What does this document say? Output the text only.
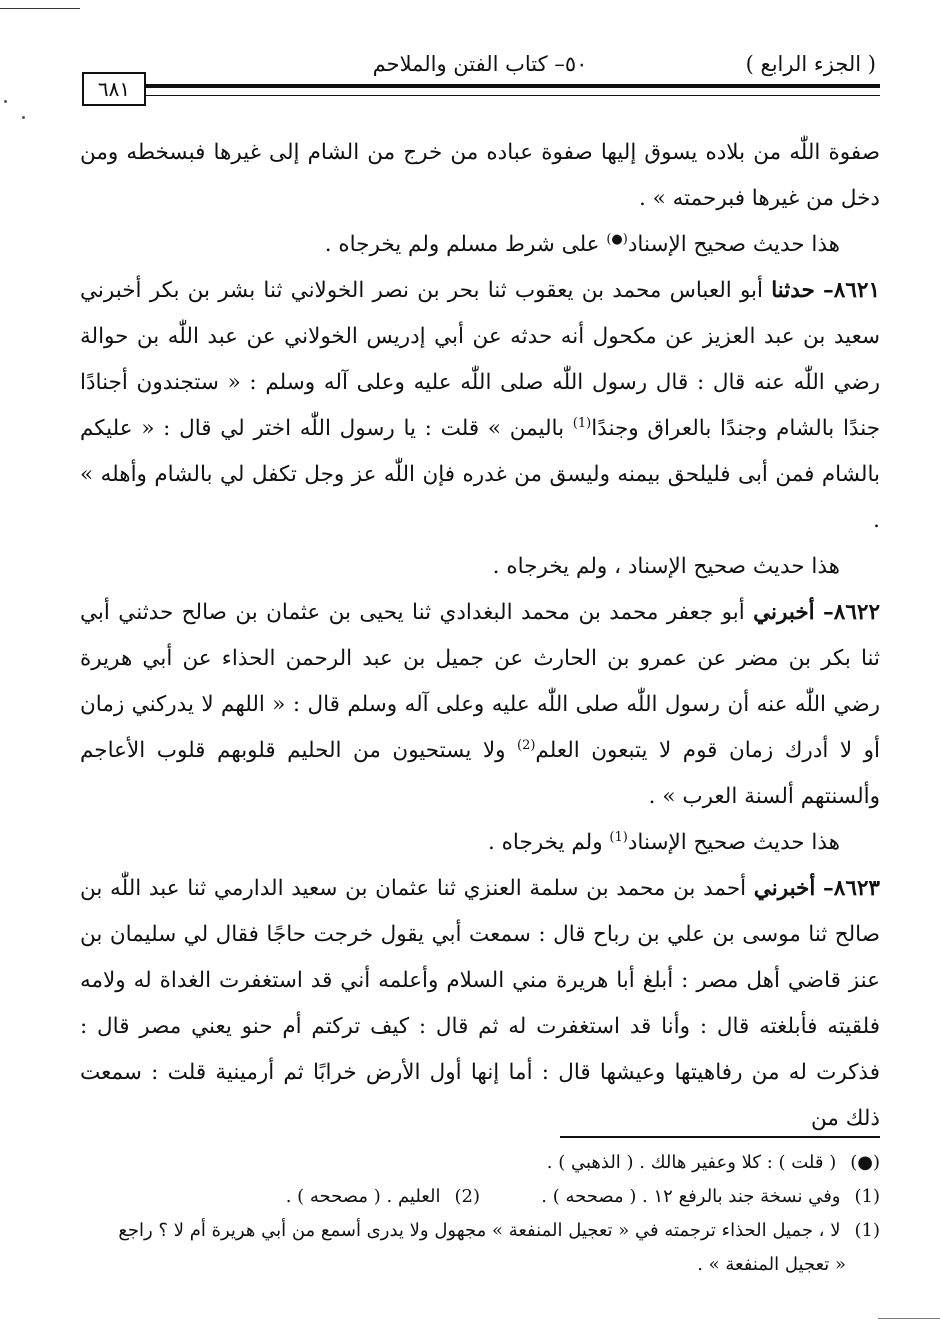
٥٠– كتاب الفتن والملاحم	( الجزء الرابع )
٦٨١

صفوة اللّٰه من بلاده يسوق إليها صفوة عباده من خرج من الشام إلى غيرها فبسخطه ومن دخل من غيرها فبرحمته » .

هذا حديث صحيح الإسناد(●) على شرط مسلم ولم يخرجاه .

٨٦٢١– حدثنا أبو العباس محمد بن يعقوب ثنا بحر بن نصر الخولاني ثنا بشر بن بكر أخبرني سعيد بن عبد العزيز عن مكحول أنه حدثه عن أبي إدريس الخولاني عن عبد اللّٰه بن حوالة رضي اللّٰه عنه قال : قال رسول اللّٰه صلى اللّٰه عليه وعلى آله وسلم : « ستجندون أجنادًا جندًا بالشام وجندًا بالعراق وجندًا$^{(1)}$ باليمن » قلت : يا رسول اللّٰه اختر لي قال : « عليكم بالشام فمن أبى فليلحق بيمنه وليسق من غدره فإن اللّٰه عز وجل تكفل لي بالشام وأهله » .

هذا حديث صحيح الإسناد ، ولم يخرجاه .

٨٦٢٢– أخبرني أبو جعفر محمد بن محمد البغدادي ثنا يحيى بن عثمان بن صالح حدثني أبي ثنا بكر بن مضر عن عمرو بن الحارث عن جميل بن عبد الرحمن الحذاء عن أبي هريرة رضي اللّٰه عنه أن رسول اللّٰه صلى اللّٰه عليه وعلى آله وسلم قال : « اللهم لا يدركني زمان أو لا أدرك زمان قوم لا يتبعون العلم$^{(2)}$ ولا يستحيون من الحليم قلوبهم قلوب الأعاجم وألسنتهم ألسنة العرب » .

هذا حديث صحيح الإسناد$^{(1)}$ ولم يخرجاه .

٨٦٢٣– أخبرني أحمد بن محمد بن سلمة العنزي ثنا عثمان بن سعيد الدارمي ثنا عبد اللّٰه بن صالح ثنا موسى بن علي بن رباح قال : سمعت أبي يقول خرجت حاجًا فقال لي سليمان بن عنز قاضي أهل مصر : أبلغ أبا هريرة مني السلام وأعلمه أني قد استغفرت الغداة له ولامه فلقيته فأبلغته قال : وأنا قد استغفرت له ثم قال : كيف تركتم أم حنو يعني مصر قال : فذكرت له من رفاهيتها وعيشها قال : أما إنها أول الأرض خرابًا ثم أرمينية قلت : سمعت ذلك من

(●)( قلت ) : كلا وعفير هالك . ( الذهبي ) .

(1)وفي نسخة جند بالرفع ١٢ . ( مصححه ) .
(2)العليم . ( مصححه ) .

(1)لا ، جميل الحذاء ترجمته في « تعجيل المنفعة » مجهول ولا يدرى أسمع من أبي هريرة أم لا ؟ راجع

« تعجيل المنفعة » .
